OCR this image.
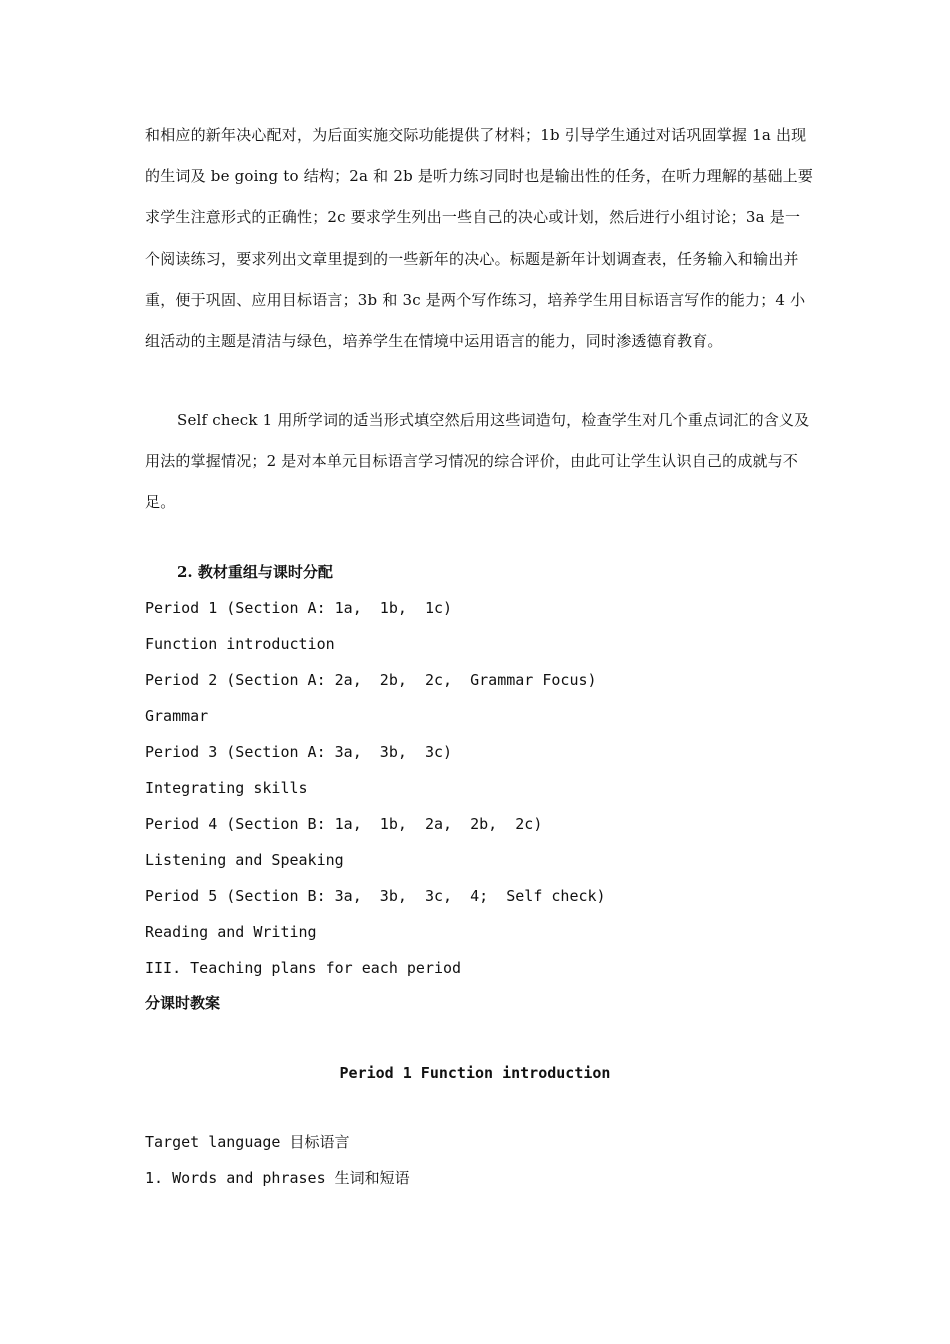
和相应的新年决心配对，为后面实施交际功能提供了材料；1b 引导学生通过对话巩固掌握 1a 出现的生词及 be going to 结构；2a 和 2b 是听力练习同时也是输出性的任务，在听力理解的基础上要求学生注意形式的正确性；2c 要求学生列出一些自己的决心或计划，然后进行小组讨论；3a 是一个阅读练习，要求列出文章里提到的一些新年的决心。标题是新年计划调查表，任务输入和输出并重，便于巩固、应用目标语言；3b 和 3c 是两个写作练习，培养学生用目标语言写作的能力；4 小组活动的主题是清洁与绿色，培养学生在情境中运用语言的能力，同时渗透德育教育。

Self check 1 用所学词的适当形式填空然后用这些词造句，检查学生对几个重点词汇的含义及用法的掌握情况；2 是对本单元目标语言学习情况的综合评价，由此可让学生认识自己的成就与不足。

2. 教材重组与课时分配

Period 1 (Section A: 1a,  1b,  1c)

Function introduction

Period 2 (Section A: 2a,  2b,  2c,  Grammar Focus)

Grammar

Period 3 (Section A: 3a,  3b,  3c)

Integrating skills

Period 4 (Section B: 1a,  1b,  2a,  2b,  2c)

Listening and Speaking

Period 5 (Section B: 3a,  3b,  3c,  4;  Self check)

Reading and Writing

III. Teaching plans for each period

分课时教案

Period 1 Function introduction

Target language 目标语言

1. Words and phrases 生词和短语
